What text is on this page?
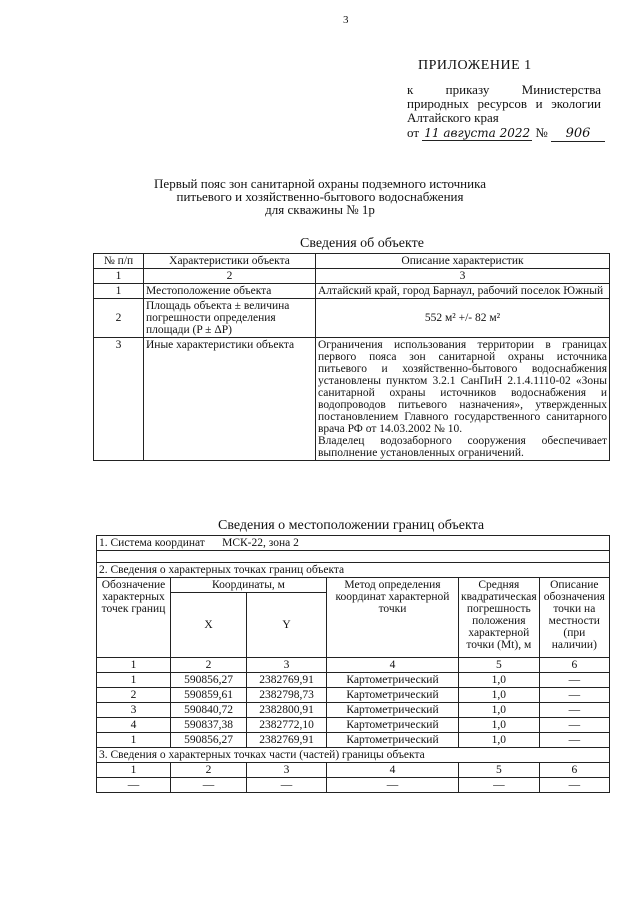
3
ПРИЛОЖЕНИЕ 1
к приказу Министерства природных ресурсов и экологии Алтайского края
от 11 августа 2022 № 906
Первый пояс зон санитарной охраны подземного источника
питьевого и хозяйственно-бытового водоснабжения
для скважины № 1р
Сведения об объекте
№ п/п	Характеристики объекта	Описание характеристик
1	2	3
1	Местоположение объекта	Алтайский край, город Барнаул, рабочий поселок Южный
2	Площадь объекта ± величина погрешности определения площади (P ± ΔP)	552 м² +/- 82 м²
3	Иные характеристики объекта	Ограничения использования территории в границах первого пояса зон санитарной охраны источника питьевого и хозяйственно-бытового водоснабжения установлены пунктом 3.2.1 СанПиН 2.1.4.1110-02 «Зоны санитарной охраны источников водоснабжения и водопроводов питьевого назначения», утвержденных постановлением Главного государственного санитарного врача РФ от 14.03.2002 № 10.
Владелец водозаборного сооружения обеспечивает выполнение установленных ограничений.
Сведения о местоположении границ объекта
1. Система координат МСК-22, зона 2					

2. Сведения о характерных точках границ объекта					
Обозначение характерных точек границ	Координаты, м		Метод определения координат характерной точки	Средняя квадратическая погрешность положения характерной точки (Mt), м	Описание обозначения точки на местности (при наличии)
	X	Y			
1	2	3	4	5	6
1	590856,27	2382769,91	Картометрический	1,0	—
2	590859,61	2382798,73	Картометрический	1,0	—
3	590840,72	2382800,91	Картометрический	1,0	—
4	590837,38	2382772,10	Картометрический	1,0	—
1	590856,27	2382769,91	Картометрический	1,0	—
3. Сведения о характерных точках части (частей) границы объекта					
1	2	3	4	5	6
—	—	—	—	—	—
